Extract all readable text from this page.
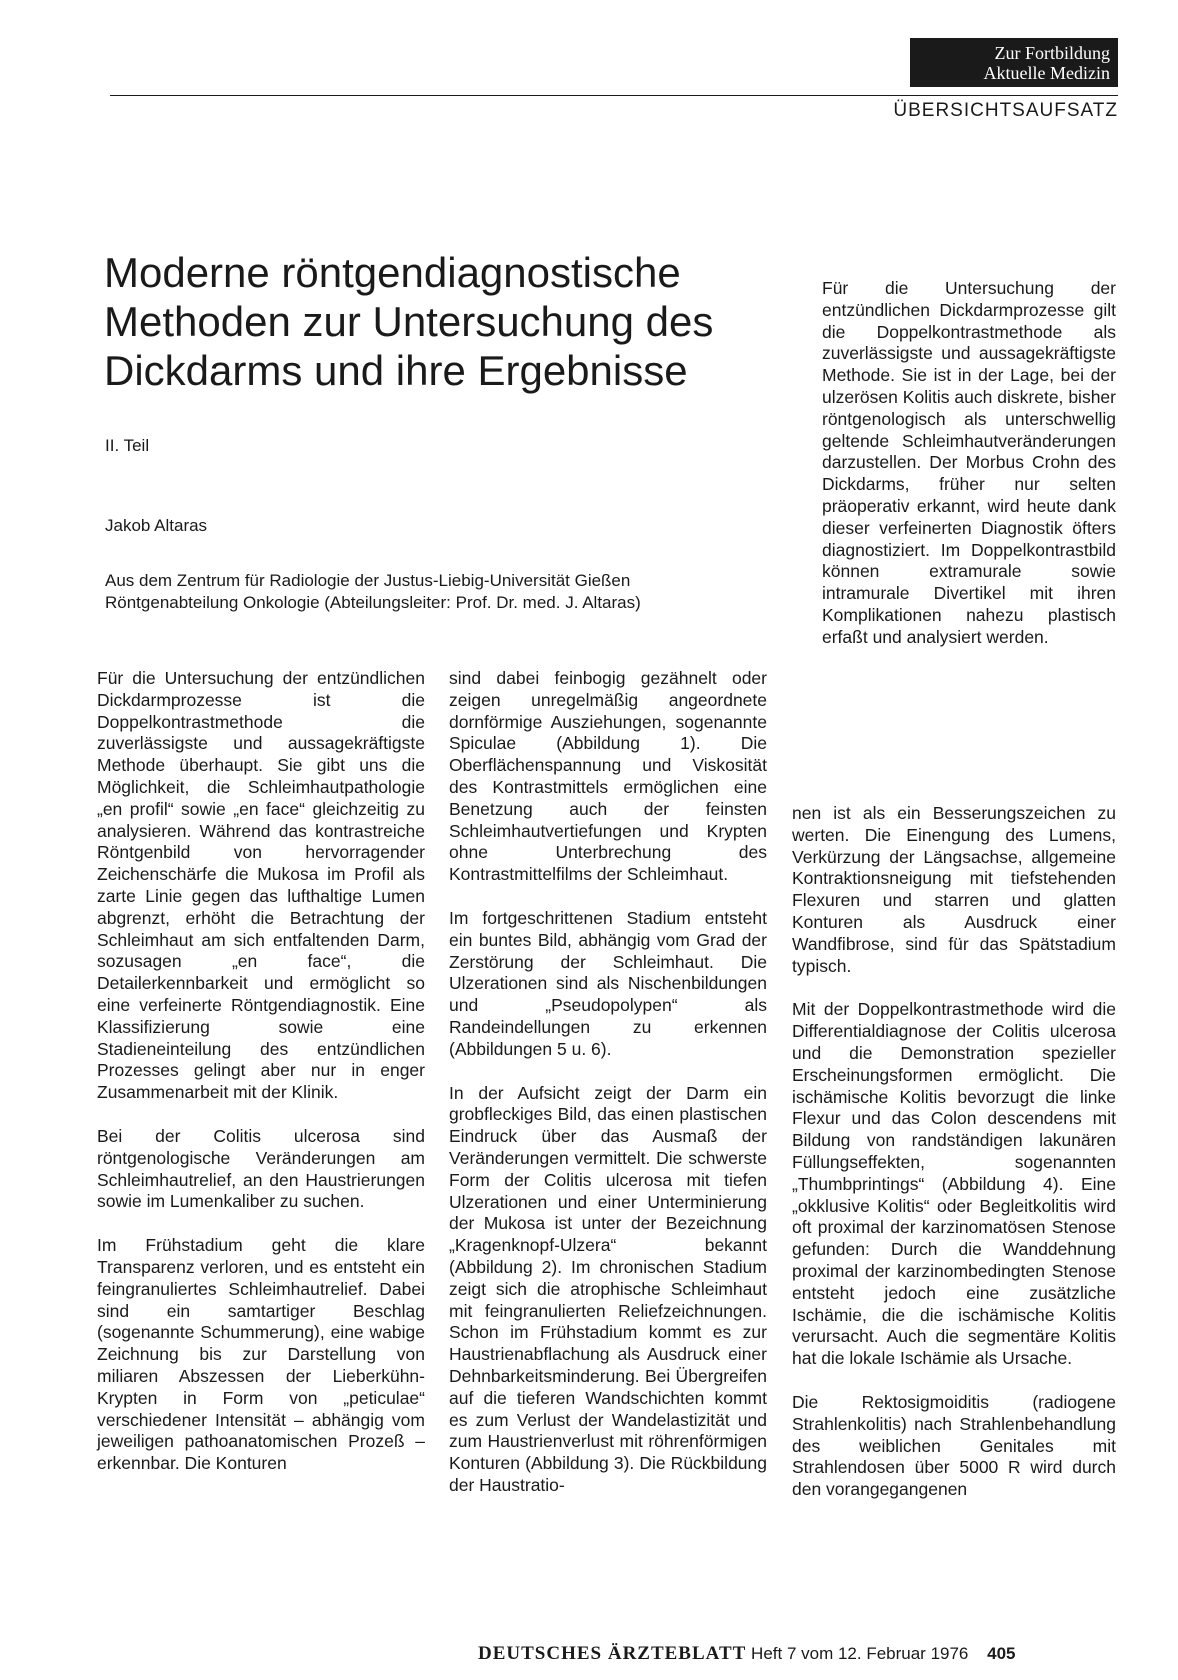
Zur Fortbildung
Aktuelle Medizin
ÜBERSICHTSAUFSATZ
Moderne röntgendiagnostische
Methoden zur Untersuchung des
Dickdarms und ihre Ergebnisse
II. Teil
Jakob Altaras
Aus dem Zentrum für Radiologie der Justus-Liebig-Universität Gießen
Röntgenabteilung Onkologie (Abteilungsleiter: Prof. Dr. med. J. Altaras)

Für die Untersuchung der entzündlichen Dickdarmprozesse gilt die Doppelkontrastmethode als zuverlässigste und aussagekräftigste Methode. Sie ist in der Lage, bei der ulzerösen Kolitis auch diskrete, bisher röntgenologisch als unterschwellig geltende Schleimhautveränderungen darzustellen. Der Morbus Crohn des Dickdarms, früher nur selten präoperativ erkannt, wird heute dank dieser verfeinerten Diagnostik öfters diagnostiziert. Im Doppelkontrastbild können extramurale sowie intramurale Divertikel mit ihren Komplikationen nahezu plastisch erfaßt und analysiert werden.

Für die Untersuchung der entzündlichen Dickdarmprozesse ist die Doppelkontrastmethode die zuverlässigste und aussagekräftigste Methode überhaupt. Sie gibt uns die Möglichkeit, die Schleimhautpathologie „en profil“ sowie „en face“ gleichzeitig zu analysieren. Während das kontrastreiche Röntgenbild von hervorragender Zeichenschärfe die Mukosa im Profil als zarte Linie gegen das lufthaltige Lumen abgrenzt, erhöht die Betrachtung der Schleimhaut am sich entfaltenden Darm, sozusagen „en face“, die Detailerkennbarkeit und ermöglicht so eine verfeinerte Röntgendiagnostik. Eine Klassifizierung sowie eine Stadieneinteilung des entzündlichen Prozesses gelingt aber nur in enger Zusammenarbeit mit der Klinik.

Bei der Colitis ulcerosa sind röntgenologische Veränderungen am Schleimhautrelief, an den Haustrierungen sowie im Lumenkaliber zu suchen.

Im Frühstadium geht die klare Transparenz verloren, und es entsteht ein feingranuliertes Schleimhautrelief. Dabei sind ein samtartiger Beschlag (sogenannte Schummerung), eine wabige Zeichnung bis zur Darstellung von miliaren Abszessen der Lieberkühn-Krypten in Form von „peticulae“ verschiedener Intensität – abhängig vom jeweiligen pathoanatomischen Prozeß – erkennbar. Die Konturen

sind dabei feinbogig gezähnelt oder zeigen unregelmäßig angeordnete dornförmige Ausziehungen, sogenannte Spiculae (Abbildung 1). Die Oberflächenspannung und Viskosität des Kontrastmittels ermöglichen eine Benetzung auch der feinsten Schleimhautvertiefungen und Krypten ohne Unterbrechung des Kontrastmittelfilms der Schleimhaut.

Im fortgeschrittenen Stadium entsteht ein buntes Bild, abhängig vom Grad der Zerstörung der Schleimhaut. Die Ulzerationen sind als Nischenbildungen und „Pseudopolypen“ als Randeindellungen zu erkennen (Abbildungen 5 u. 6).

In der Aufsicht zeigt der Darm ein grobfleckiges Bild, das einen plastischen Eindruck über das Ausmaß der Veränderungen vermittelt. Die schwerste Form der Colitis ulcerosa mit tiefen Ulzerationen und einer Unterminierung der Mukosa ist unter der Bezeichnung „Kragenknopf-Ulzera“ bekannt (Abbildung 2). Im chronischen Stadium zeigt sich die atrophische Schleimhaut mit feingranulierten Reliefzeichnungen. Schon im Frühstadium kommt es zur Haustrienabflachung als Ausdruck einer Dehnbarkeitsminderung. Bei Übergreifen auf die tieferen Wandschichten kommt es zum Verlust der Wandelastizität und zum Haustrienverlust mit röhrenförmigen Konturen (Abbildung 3). Die Rückbildung der Haustratio-

nen ist als ein Besserungszeichen zu werten. Die Einengung des Lumens, Verkürzung der Längsachse, allgemeine Kontraktionsneigung mit tiefstehenden Flexuren und starren und glatten Konturen als Ausdruck einer Wandfibrose, sind für das Spätstadium typisch.

Mit der Doppelkontrastmethode wird die Differentialdiagnose der Colitis ulcerosa und die Demonstration spezieller Erscheinungsformen ermöglicht. Die ischämische Kolitis bevorzugt die linke Flexur und das Colon descendens mit Bildung von randständigen lakunären Füllungseffekten, sogenannten „Thumbprintings“ (Abbildung 4). Eine „okklusive Kolitis“ oder Begleitkolitis wird oft proximal der karzinomatösen Stenose gefunden: Durch die Wanddehnung proximal der karzinombedingten Stenose entsteht jedoch eine zusätzliche Ischämie, die die ischämische Kolitis verursacht. Auch die segmentäre Kolitis hat die lokale Ischämie als Ursache.

Die Rektosigmoiditis (radiogene Strahlenkolitis) nach Strahlenbehandlung des weiblichen Genitales mit Strahlendosen über 5000 R wird durch den vorangegangenen

DEUTSCHES ÄRZTEBLATT Heft 7 vom 12. Februar 1976 405
